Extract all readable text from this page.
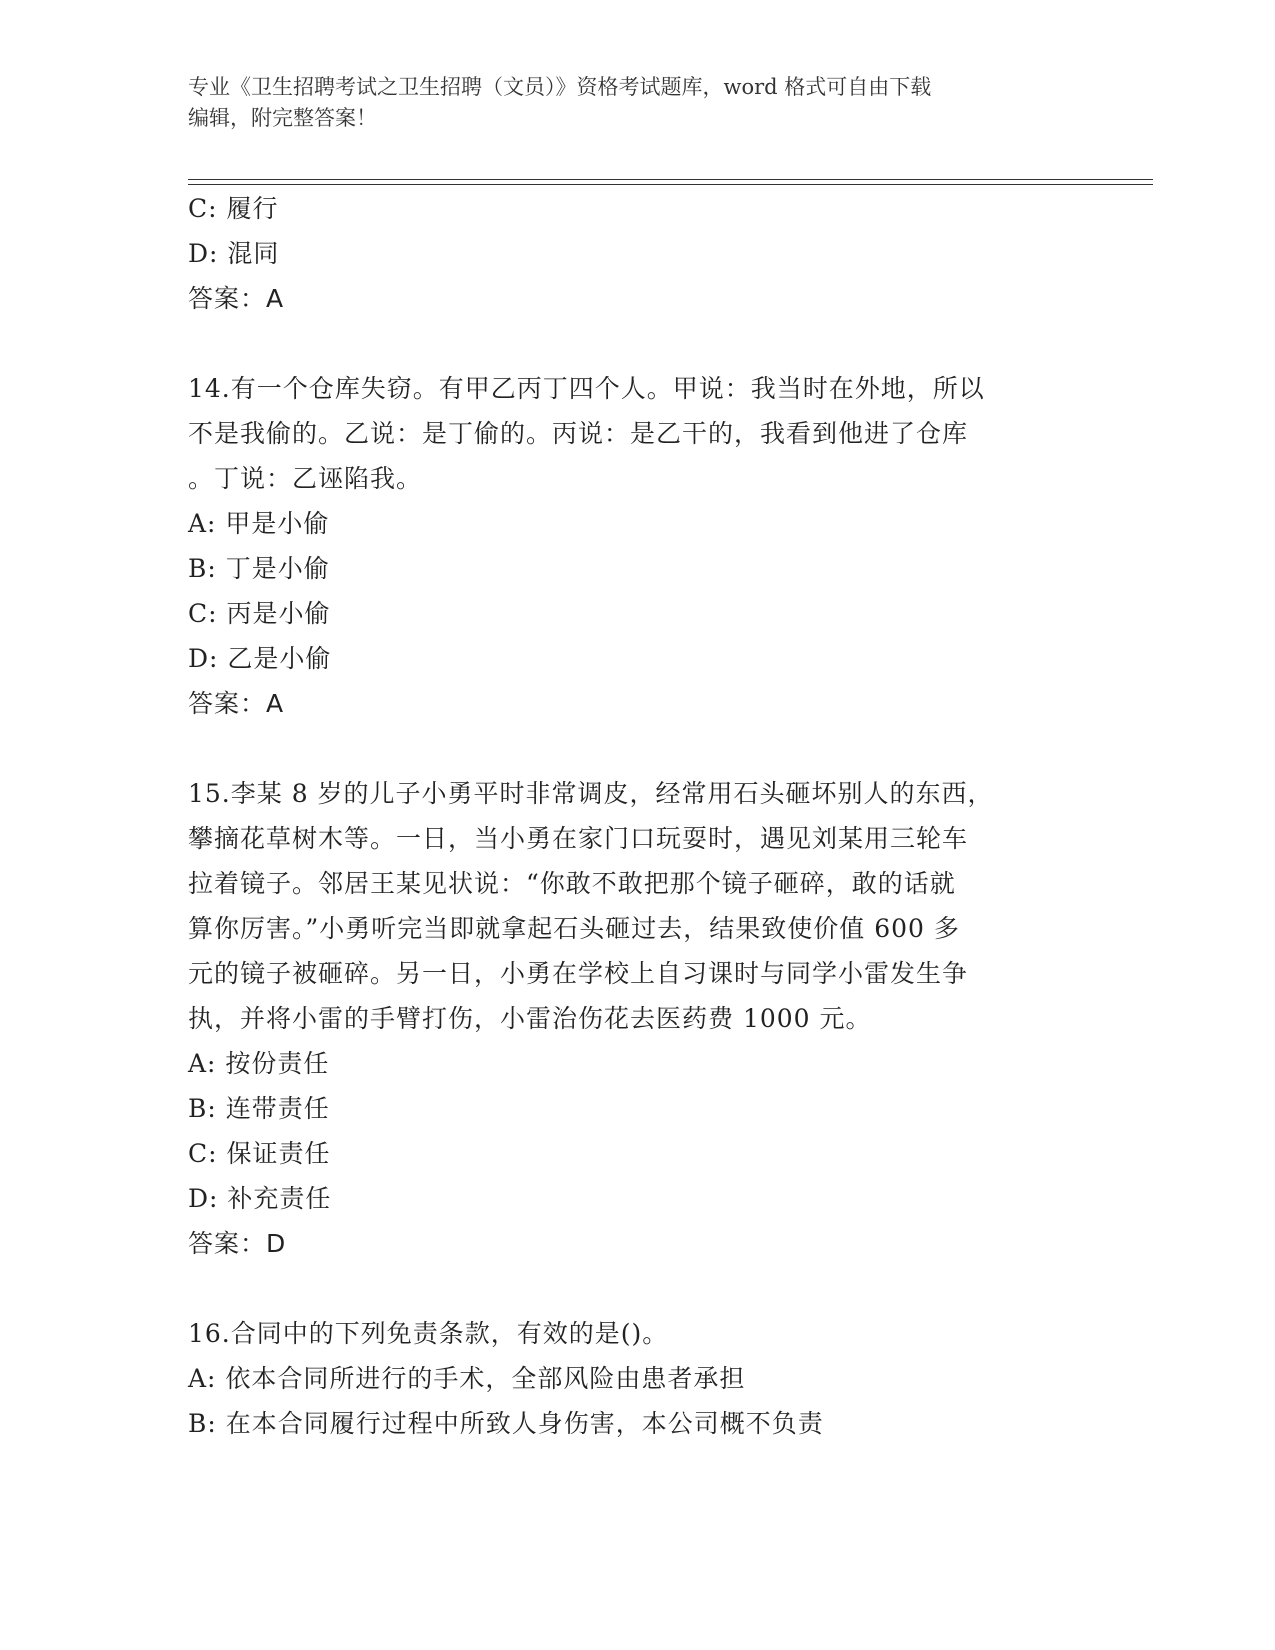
专业《卫生招聘考试之卫生招聘（文员）》资格考试题库，word 格式可自由下载
编辑，附完整答案！
C: 履行
D: 混同
答案：A
14.有一个仓库失窃。有甲乙丙丁四个人。甲说：我当时在外地，所以
不是我偷的。乙说：是丁偷的。丙说：是乙干的，我看到他进了仓库
。丁说：乙诬陷我。
A: 甲是小偷
B: 丁是小偷
C: 丙是小偷
D: 乙是小偷
答案：A
15.李某 8 岁的儿子小勇平时非常调皮，经常用石头砸坏别人的东西，
攀摘花草树木等。一日，当小勇在家门口玩耍时，遇见刘某用三轮车
拉着镜子。邻居王某见状说：“你敢不敢把那个镜子砸碎，敢的话就
算你厉害。”小勇听完当即就拿起石头砸过去，结果致使价值 600 多
元的镜子被砸碎。另一日，小勇在学校上自习课时与同学小雷发生争
执，并将小雷的手臂打伤，小雷治伤花去医药费 1000 元。
A: 按份责任
B: 连带责任
C: 保证责任
D: 补充责任
答案：D
16.合同中的下列免责条款，有效的是()。
A: 依本合同所进行的手术，全部风险由患者承担
B: 在本合同履行过程中所致人身伤害，本公司概不负责
